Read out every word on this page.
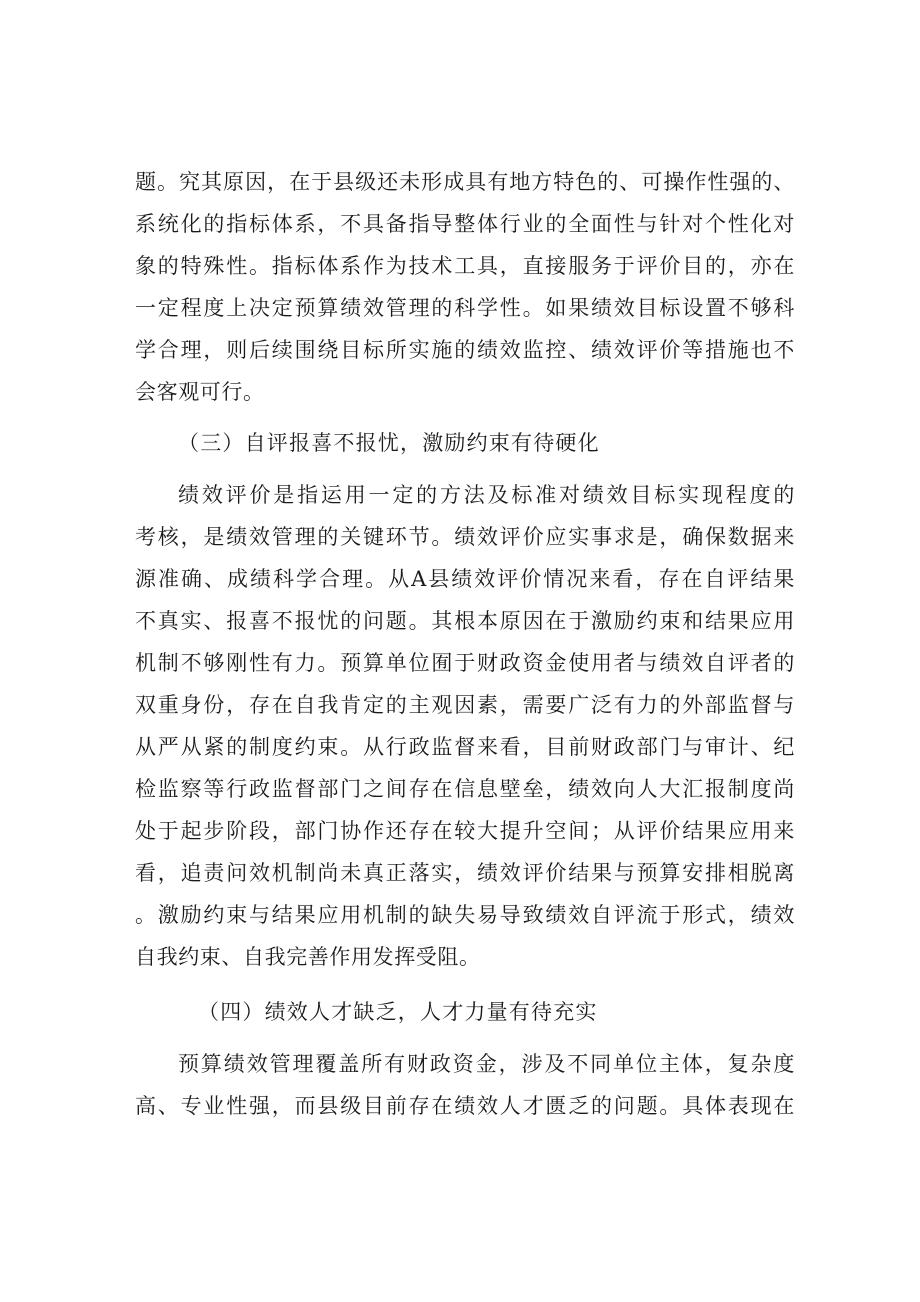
题。究其原因，在于县级还未形成具有地方特色的、可操作性强的、
系统化的指标体系，不具备指导整体行业的全面性与针对个性化对
象的特殊性。指标体系作为技术工具，直接服务于评价目的，亦在
一定程度上决定预算绩效管理的科学性。如果绩效目标设置不够科
学合理，则后续围绕目标所实施的绩效监控、绩效评价等措施也不
会客观可行。
（三）自评报喜不报忧，激励约束有待硬化
绩效评价是指运用一定的方法及标准对绩效目标实现程度的
考核，是绩效管理的关键环节。绩效评价应实事求是，确保数据来
源准确、成绩科学合理。从A县绩效评价情况来看，存在自评结果
不真实、报喜不报忧的问题。其根本原因在于激励约束和结果应用
机制不够刚性有力。预算单位囿于财政资金使用者与绩效自评者的
双重身份，存在自我肯定的主观因素，需要广泛有力的外部监督与
从严从紧的制度约束。从行政监督来看，目前财政部门与审计、纪
检监察等行政监督部门之间存在信息壁垒，绩效向人大汇报制度尚
处于起步阶段，部门协作还存在较大提升空间；从评价结果应用来
看，追责问效机制尚未真正落实，绩效评价结果与预算安排相脱离
。激励约束与结果应用机制的缺失易导致绩效自评流于形式，绩效
自我约束、自我完善作用发挥受阻。
（四）绩效人才缺乏，人才力量有待充实
预算绩效管理覆盖所有财政资金，涉及不同单位主体，复杂度
高、专业性强，而县级目前存在绩效人才匮乏的问题。具体表现在
